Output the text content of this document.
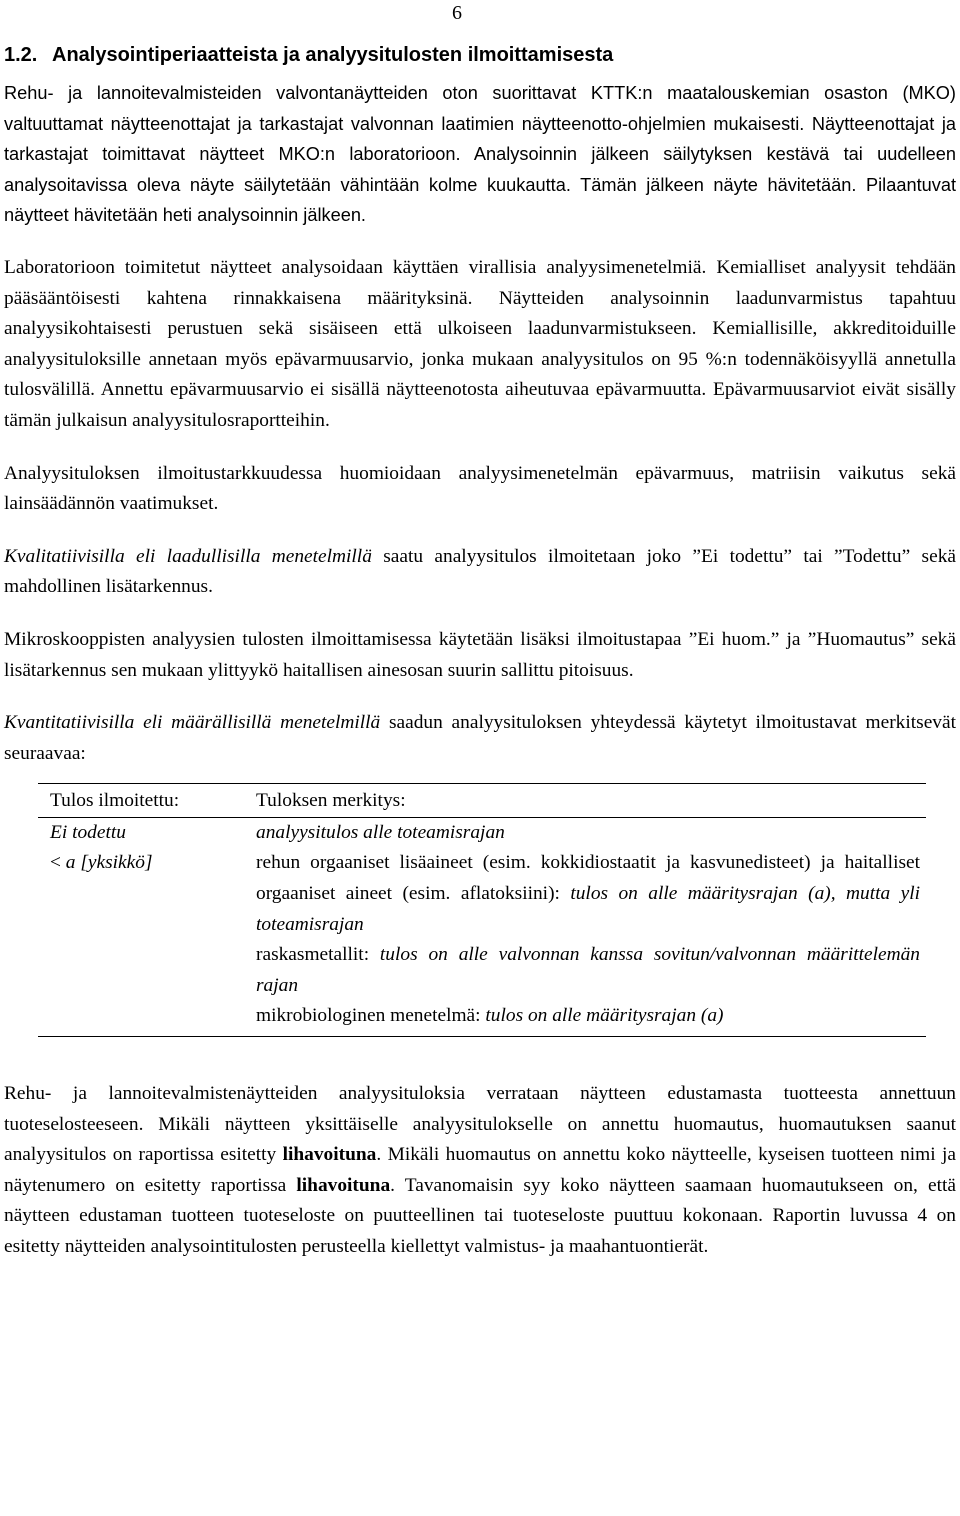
6
1.2. Analysointiperiaatteista ja analyysitulosten ilmoittamisesta

Rehu- ja lannoitevalmisteiden valvontanäytteiden oton suorittavat KTTK:n maatalouskemian osaston (MKO) valtuuttamat näytteenottajat ja tarkastajat valvonnan laatimien näytteenotto-ohjelmien mukaisesti. Näytteenottajat ja tarkastajat toimittavat näytteet MKO:n laboratorioon. Analysoinnin jälkeen säilytyksen kestävä tai uudelleen analysoitavissa oleva näyte säilytetään vähintään kolme kuukautta. Tämän jälkeen näyte hävitetään. Pilaantuvat näytteet hävitetään heti analysoinnin jälkeen.

Laboratorioon toimitetut näytteet analysoidaan käyttäen virallisia analyysimenetelmiä. Kemialliset analyysit tehdään pääsääntöisesti kahtena rinnakkaisena määrityksinä. Näytteiden analysoinnin laadunvarmistus tapahtuu analyysikohtaisesti perustuen sekä sisäiseen että ulkoiseen laadunvarmistukseen. Kemiallisille, akkreditoiduille analyysituloksille annetaan myös epävarmuusarvio, jonka mukaan analyysitulos on 95 %:n todennäköisyyllä annetulla tulosvälillä. Annettu epävarmuusarvio ei sisällä näytteenotosta aiheutuvaa epävarmuutta. Epävarmuusarviot eivät sisälly tämän julkaisun analyysitulosraportteihin.

Analyysituloksen ilmoitustarkkuudessa huomioidaan analyysimenetelmän epävarmuus, matriisin vaikutus sekä lainsäädännön vaatimukset.

Kvalitatiivisilla eli laadullisilla menetelmillä saatu analyysitulos ilmoitetaan joko ”Ei todettu” tai ”Todettu” sekä mahdollinen lisätarkennus.

Mikroskooppisten analyysien tulosten ilmoittamisessa käytetään lisäksi ilmoitustapaa ”Ei huom.” ja ”Huomautus” sekä lisätarkennus sen mukaan ylittyykö haitallisen ainesosan suurin sallittu pitoisuus.

Kvantitatiivisilla eli määrällisillä menetelmillä saadun analyysituloksen yhteydessä käytetyt ilmoitustavat merkitsevät seuraavaa:

Tulos ilmoitettu:	Tuloksen merkitys:
Ei todettu	analyysitulos alle toteamisrajan
< a [yksikkö]	rehun orgaaniset lisäaineet (esim. kokkidiostaatit ja kasvunedisteet) ja haitalliset orgaaniset aineet (esim. aflatoksiini): tulos on alle määritysrajan (a), mutta yli toteamisrajan
raskasmetallit: tulos on alle valvonnan kanssa sovitun/valvonnan määrittelemän rajan
mikrobiologinen menetelmä: tulos on alle määritysrajan (a)

Rehu- ja lannoitevalmistenäytteiden analyysituloksia verrataan näytteen edustamasta tuotteesta annettuun tuoteselosteeseen. Mikäli näytteen yksittäiselle analyysitulokselle on annettu huomautus, huomautuksen saanut analyysitulos on raportissa esitetty lihavoituna. Mikäli huomautus on annettu koko näytteelle, kyseisen tuotteen nimi ja näytenumero on esitetty raportissa lihavoituna. Tavanomaisin syy koko näytteen saamaan huomautukseen on, että näytteen edustaman tuotteen tuoteseloste on puutteellinen tai tuoteseloste puuttuu kokonaan. Raportin luvussa 4 on esitetty näytteiden analysointitulosten perusteella kiellettyt valmistus- ja maahantuontierät.
